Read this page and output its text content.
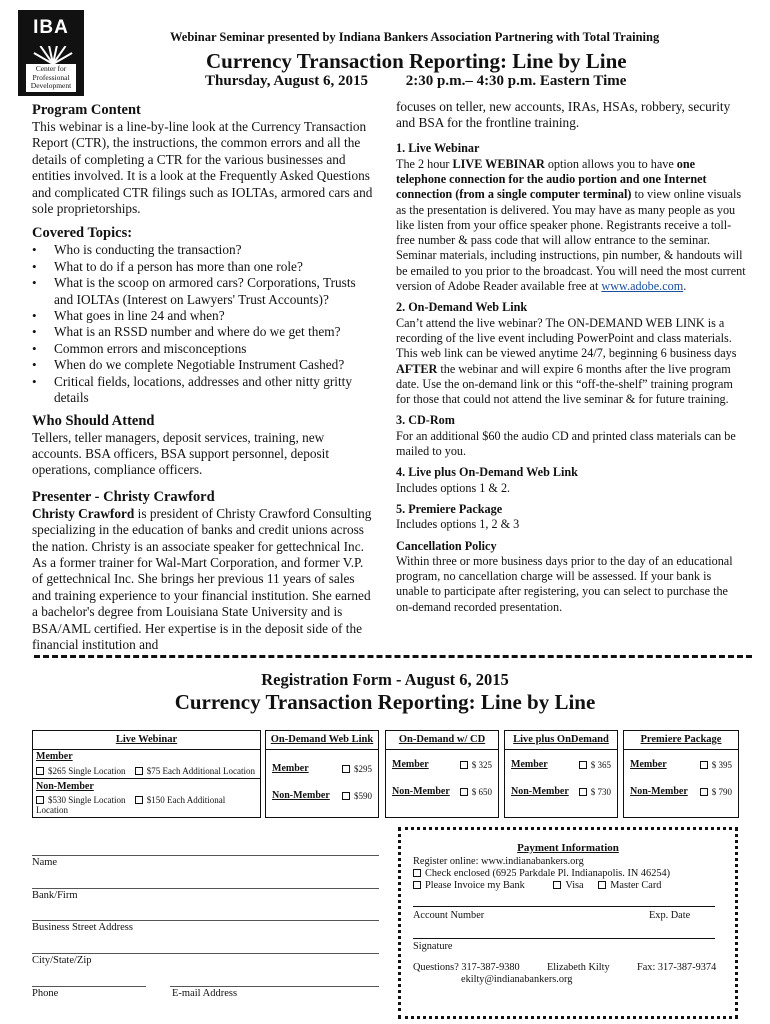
IBA
Center for
Professional
Development
Webinar Seminar presented by Indiana Bankers Association Partnering with Total Training
Currency Transaction Reporting: Line by Line
Thursday, August 6, 2015	2:30 p.m.– 4:30 p.m. Eastern Time
Program Content

This webinar is a line-by-line look at the Currency Transaction Report (CTR), the instructions, the common errors and all the details of completing a CTR for the various businesses and entities involved. It is a look at the Frequently Asked Questions and complicated CTR filings such as IOLTAs, armored cars and sole proprietorships.

Covered Topics:
• Who is conducting the transaction?
• What to do if a person has more than one role?
• What is the scoop on armored cars? Corporations, Trusts and IOLTAs (Interest on Lawyers' Trust Accounts)?
• What goes in line 24 and when?
• What is an RSSD number and where do we get them?
• Common errors and misconceptions
• When do we complete Negotiable Instrument Cashed?
• Critical fields, locations, addresses and other nitty gritty details
Who Should Attend

Tellers, teller managers, deposit services, training, new accounts. BSA officers, BSA support personnel, deposit operations, compliance officers.

Presenter - Christy Crawford

Christy Crawford is president of Christy Crawford Consulting specializing in the education of banks and credit unions across the nation. Christy is an associate speaker for gettechnical Inc. As a former trainer for Wal-Mart Corporation, and former V.P. of gettechnical Inc. She brings her previous 11 years of sales and training experience to your financial institution. She earned a bachelor's degree from Louisiana State University and is BSA/AML certified. Her expertise is in the deposit side of the financial institution and

focuses on teller, new accounts, IRAs, HSAs, robbery, security and BSA for the frontline training.

1. Live Webinar

The 2 hour LIVE WEBINAR option allows you to have one telephone connection for the audio portion and one Internet connection (from a single computer terminal) to view online visuals as the presentation is delivered. You may have as many people as you like listen from your office speaker phone. Registrants receive a toll-free number & pass code that will allow entrance to the seminar. Seminar materials, including instructions, pin number, & handouts will be emailed to you prior to the broadcast. You will need the most current version of Adobe Reader available free at www.adobe.com.

2. On-Demand Web Link

Can’t attend the live webinar? The ON-DEMAND WEB LINK is a recording of the live event including PowerPoint and class materials. This web link can be viewed anytime 24/7, beginning 6 business days AFTER the webinar and will expire 6 months after the live program date. Use the on-demand link or this “off-the-shelf” training program for those that could not attend the live seminar & for future training.

3. CD-Rom

For an additional $60 the audio CD and printed class materials can be mailed to you.

4. Live plus On-Demand Web Link

Includes options 1 & 2.

5. Premiere Package

Includes options 1, 2 & 3

Cancellation Policy

Within three or more business days prior to the day of an educational program, no cancellation charge will be assessed. If your bank is unable to participate after registering, you can select to purchase the on-demand recorded presentation.

Registration Form - August 6, 2015
Currency Transaction Reporting: Line by Line
Live Webinar
Member
$265 Single Location $75 Each Additional Location
Non-Member
$530 Single Location $150 Each Additional Location
On-Demand Web Link
Member	$295
Non-Member	$590
On-Demand w/ CD
Member	$ 325
Non-Member	$ 650
Live plus OnDemand
Member	$ 365
Non-Member	$ 730
Premiere Package
Member	$ 395
Non-Member	$ 790
Name
Bank/Firm
Business Street Address
City/State/Zip
Phone	E-mail Address
Payment Information
Register online: www.indianabankers.org
Check enclosed (6925 Parkdale Pl. Indianapolis. IN 46254)
Please Invoice my Bank	Visa	Master Card
Account Number	Exp. Date
Signature
Questions? 317-387-9380	Elizabeth Kilty	Fax: 317-387-9374
ekilty@indianabankers.org
